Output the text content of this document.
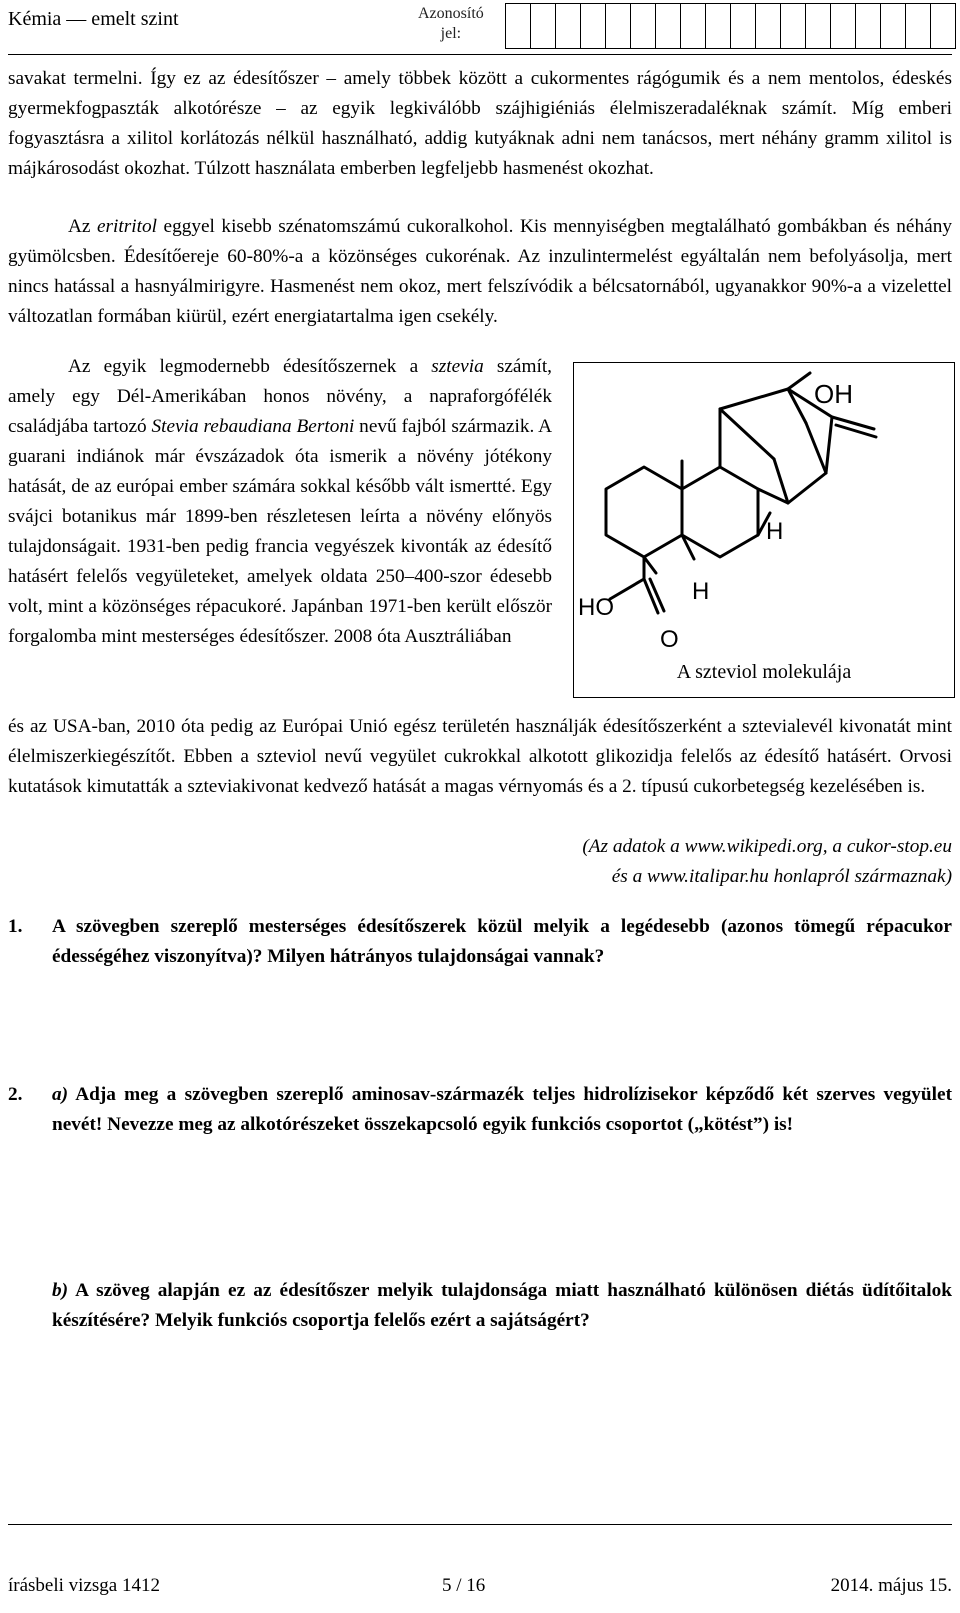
Kémia — emelt szint	Azonosító
jel:

savakat termelni. Így ez az édesítőszer – amely többek között a cukormentes rágógumik és a nem mentolos, édeskés gyermekfogpaszták alkotórésze – az egyik legkiválóbb szájhigiéniás élelmiszeradaléknak számít. Míg emberi fogyasztásra a xilitol korlátozás nélkül használható, addig kutyáknak adni nem tanácsos, mert néhány gramm xilitol is májkárosodást okozhat. Túlzott használata emberben legfeljebb hasmenést okozhat.

Az eritritol eggyel kisebb szénatomszámú cukoralkohol. Kis mennyiségben megtalálható gombákban és néhány gyümölcsben. Édesítőereje 60-80%-a a közönséges cukorénak. Az inzulintermelést egyáltalán nem befolyásolja, mert nincs hatással a hasnyálmirigyre. Hasmenést nem okoz, mert felszívódik a bélcsatornából, ugyanakkor 90%-a a vizelettel változatlan formában kiürül, ezért energiatartalma igen csekély.

Az egyik legmodernebb édesítőszernek a sztevia számít, amely egy Dél-Amerikában honos növény, a napraforgófélék családjába tartozó Stevia rebaudiana Bertoni nevű fajból származik. A guarani indiánok már évszázadok óta ismerik a növény jótékony hatását, de az európai ember számára sokkal később vált ismertté. Egy svájci botanikus már 1899-ben részletesen leírta a növény előnyös tulajdonságait. 1931-ben pedig francia vegyészek kivonták az édesítő hatásért felelős vegyületeket, amelyek oldata 250–400-szor édesebb volt, mint a közönséges répacukoré. Japánban 1971-ben került először forgalomba mint mesterséges édesítőszer. 2008 óta Ausztráliában

OH
H
H
HO
O
A szteviol molekulája

és az USA-ban, 2010 óta pedig az Európai Unió egész területén használják édesítőszerként a sztevialevél kivonatát mint élelmiszerkiegészítőt. Ebben a szteviol nevű vegyület cukrokkal alkotott glikozidja felelős az édesítő hatásért. Orvosi kutatások kimutatták a szteviakivonat kedvező hatását a magas vérnyomás és a 2. típusú cukorbetegség kezelésében is.

(Az adatok a www.wikipedi.org, a cukor-stop.eu
és a www.italipar.hu honlapról származnak)
1. A szövegben szereplő mesterséges édesítőszerek közül melyik a legédesebb (azonos tömegű répacukor édességéhez viszonyítva)? Milyen hátrányos tulajdonságai vannak?
2. a) Adja meg a szövegben szereplő aminosav-származék teljes hidrolízisekor képződő két szerves vegyület nevét! Nevezze meg az alkotórészeket összekapcsoló egyik funkciós csoportot („kötést”) is!
b) A szöveg alapján ez az édesítőszer melyik tulajdonsága miatt használható különösen diétás üdítőitalok készítésére? Melyik funkciós csoportja felelős ezért a sajátságért?
írásbeli vizsga 1412	5 / 16	2014. május 15.
